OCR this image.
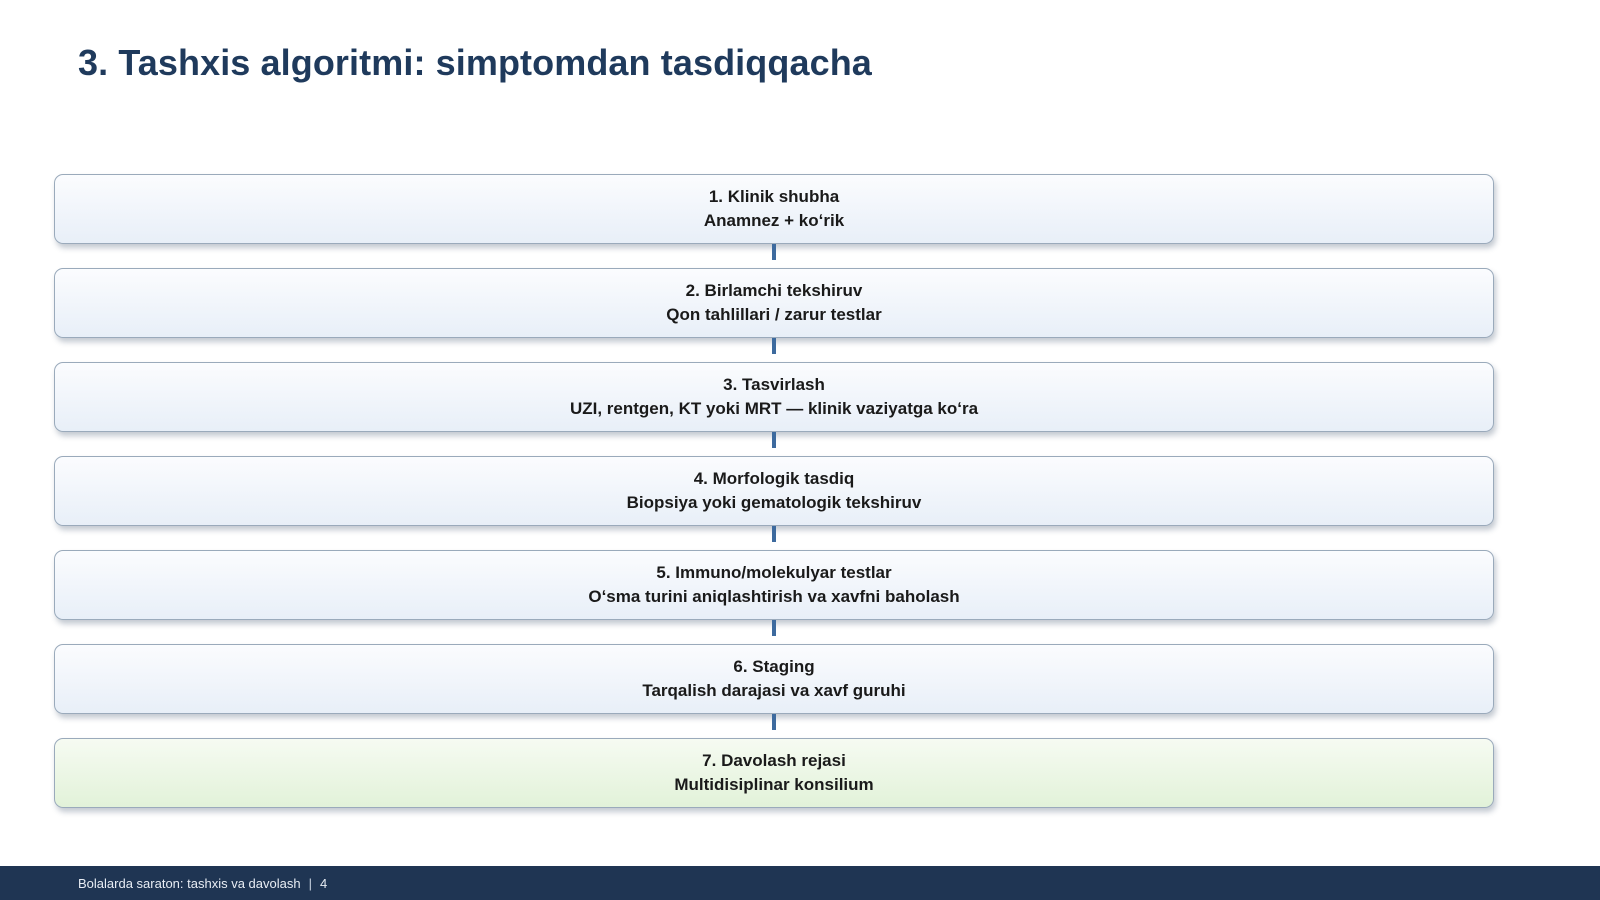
3. Tashxis algoritmi: simptomdan tasdiqqacha
1. Klinik shubha
Anamnez + koʻrik
2. Birlamchi tekshiruv
Qon tahlillari / zarur testlar
3. Tasvirlash
UZI, rentgen, KT yoki MRT — klinik vaziyatga koʻra
4. Morfologik tasdiq
Biopsiya yoki gematologik tekshiruv
5. Immuno/molekulyar testlar
Oʻsma turini aniqlashtirish va xavfni baholash
6. Staging
Tarqalish darajasi va xavf guruhi
7. Davolash rejasi
Multidisiplinar konsilium
Bolalarda saraton: tashxis va davolash | 4
